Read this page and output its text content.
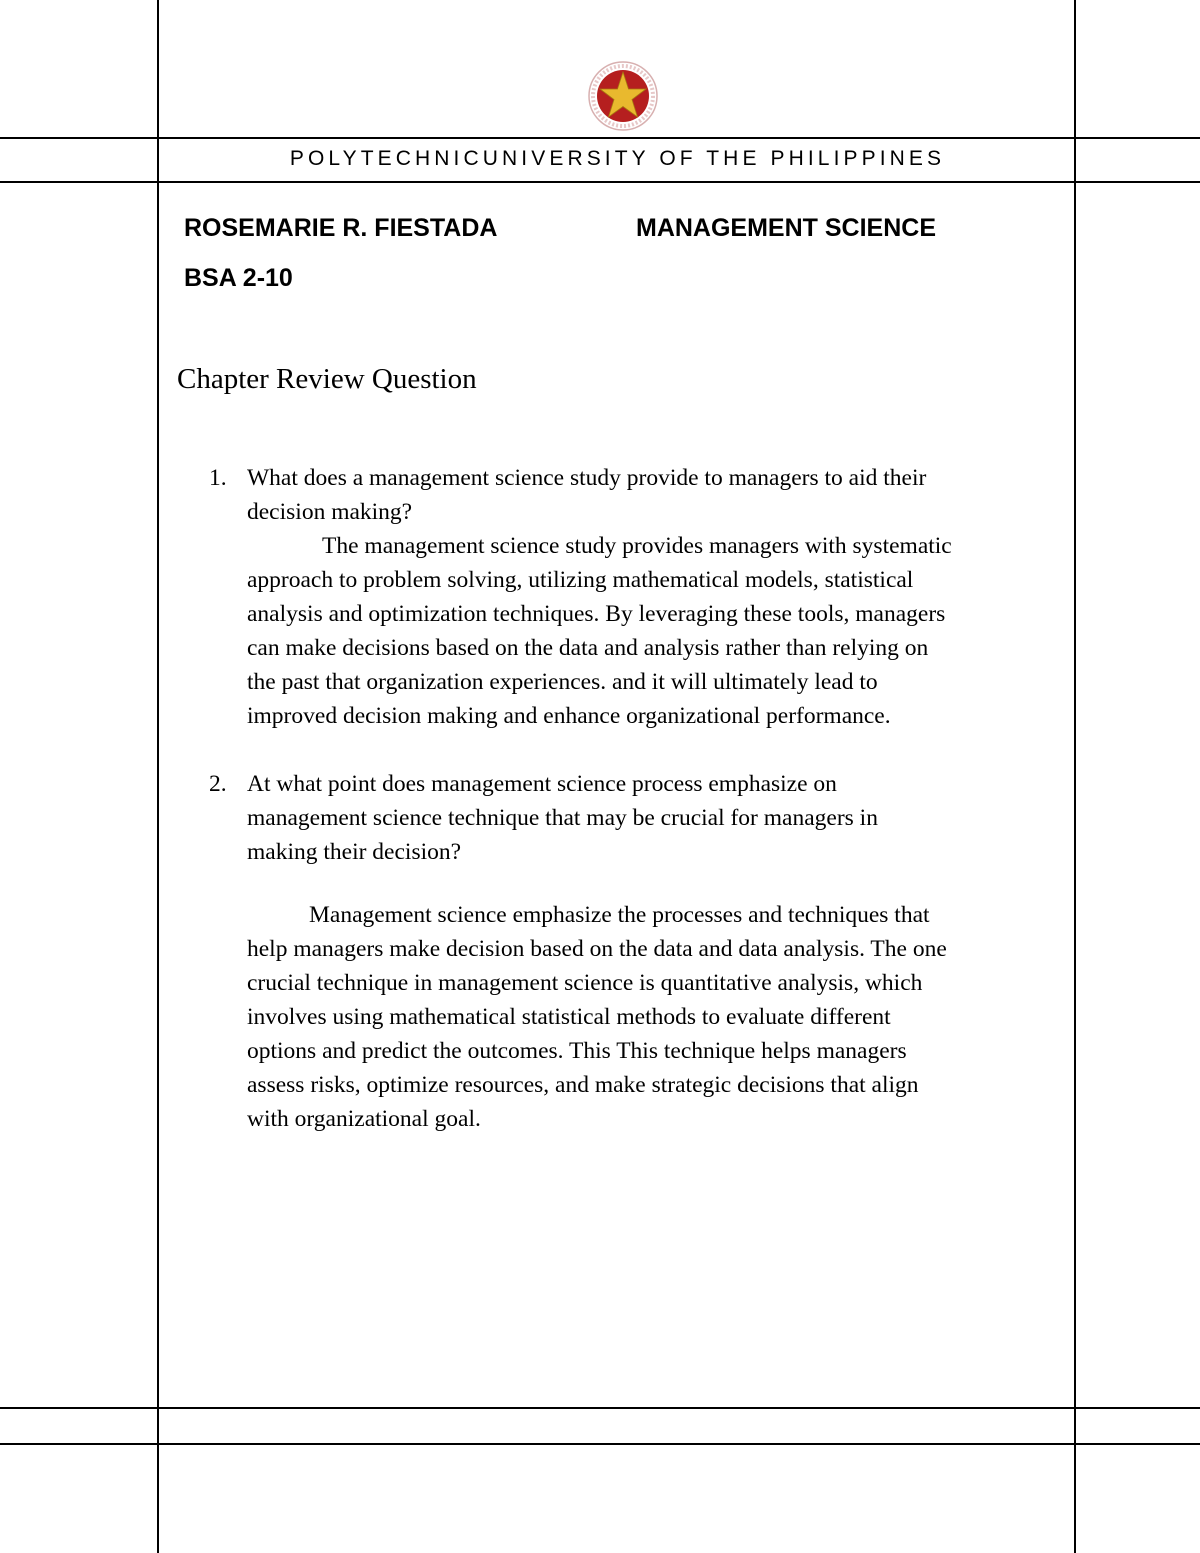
POLYTECHNICUNIVERSITY OF THE PHILIPPINES
ROSEMARIE R. FIESTADA	MANAGEMENT SCIENCE
BSA 2-10
Chapter Review Question
1. What does a management science study provide to managers to aid their
decision making?
The management science study provides managers with systematic
approach to problem solving, utilizing mathematical models, statistical
analysis and optimization techniques. By leveraging these tools, managers
can make decisions based on the data and analysis rather than relying on
the past that organization experiences. and it will ultimately lead to
improved decision making and enhance organizational performance.
2. At what point does management science process emphasize on
management science technique that may be crucial for managers in
making their decision?
Management science emphasize the processes and techniques that
help managers make decision based on the data and data analysis. The one
crucial technique in management science is quantitative analysis, which
involves using mathematical statistical methods to evaluate different
options and predict the outcomes. This This technique helps managers
assess risks, optimize resources, and make strategic decisions that align
with organizational goal.
